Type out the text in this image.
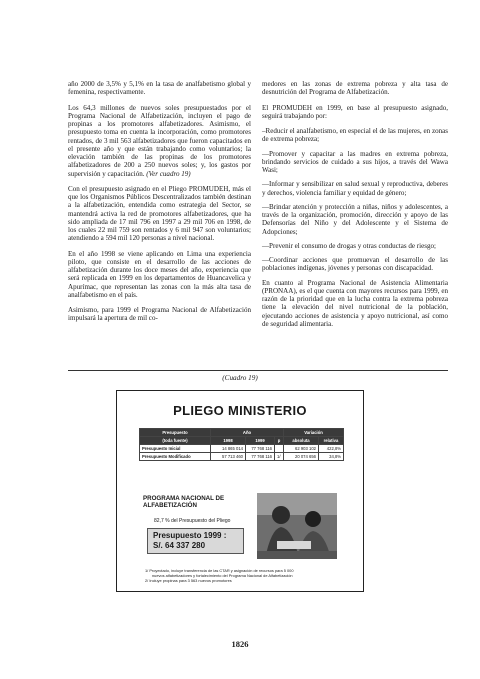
año 2000 de 3,5% y 5,1% en la tasa de analfabetismo global y femenina, respectivamente.

Los 64,3 millones de nuevos soles presupuestados por el Programa Nacional de Alfabetización, incluyen el pago de propinas a los promotores alfabetizadores. Asimismo, el presupuesto toma en cuenta la incorporación, como promotores rentados, de 3 mil 563 alfabetizadores que fueron capacitados en el presente año y que están trabajando como voluntarios; la elevación también de las propinas de los promotores alfabetizadores de 200 a 250 nuevos soles; y, los gastos por supervisión y capacitación. (Ver cuadro 19)

Con el presupuesto asignado en el Pliego PROMUDEH, más el que los Organismos Públicos Descentralizados también destinan a la alfabetización, entendida como estrategia del Sector, se mantendrá activa la red de promotores alfabetizadores, que ha sido ampliada de 17 mil 796 en 1997 a 29 mil 706 en 1998, de los cuales 22 mil 759 son rentados y 6 mil 947 son voluntarios; atendiendo a 594 mil 120 personas a nivel nacional.

En el año 1998 se viene aplicando en Lima una experiencia piloto, que consiste en el desarrollo de las acciones de alfabetización durante los doce meses del año, experiencia que será replicada en 1999 en los departamentos de Huancavelica y Apurímac, que representan las zonas con la más alta tasa de analfabetismo en el país.

Asimismo, para 1999 el Programa Nacional de Alfabetización impulsará la apertura de mil co-

medores en las zonas de extrema pobreza y alta tasa de desnutrición del Programa de Alfabetización.

El PROMUDEH en 1999, en base al presupuesto asignado, seguirá trabajando por:

–Reducir el analfabetismo, en especial el de las mujeres, en zonas de extrema pobreza;

—Promover y capacitar a las madres en extrema pobreza, brindando servicios de cuidado a sus hijos, a través del Wawa Wasi;

—Informar y sensibilizar en salud sexual y reproductiva, deberes y derechos, violencia familiar y equidad de género;

—Brindar atención y protección a niñas, niños y adolescentes, a través de la organización, promoción, dirección y apoyo de las Defensorías del Niño y del Adolescente y el Sistema de Adopciones;

—Prevenir el consumo de drogas y otras conductas de riesgo;

—Coordinar acciones que promuevan el desarrollo de las poblaciones indígenas, jóvenes y personas con discapacidad.

En cuanto al Programa Nacional de Asistencia Alimentaria (PRONAA), es el que cuenta con mayores recursos para 1999, en razón de la prioridad que en la lucha contra la extrema pobreza tiene la elevación del nivel nutricional de la población, ejecutando acciones de asistencia y apoyo nutricional, así como de seguridad alimentaria.

(Cuadro 19)
PLIEGO MINISTERIO
Presupuesto	Año			Variación	
(toda fuente)	1998	1999	p	absoluta	relativa
Presupuesto Inicial	14 865 014	77 768 116		62 903 102	422,8%
Presupuesto Modificado	57 713 460	77 768 116	1/	20 074 656	34,8%
PROGRAMA NACIONAL DE
ALFABETIZACIÓN
82,7 % del Presupuesto del Pliego
Presupuesto 1999 :
S/. 64 337 280
1/ Proyectado, incluye transferencia de las CTAR y asignación de recursos para 5 000
nuevos alfabetizadores y fortalecimiento del Programa Nacional de Alfabetización
2/ Incluye propinas para 3 563 nuevos promotores
1826
